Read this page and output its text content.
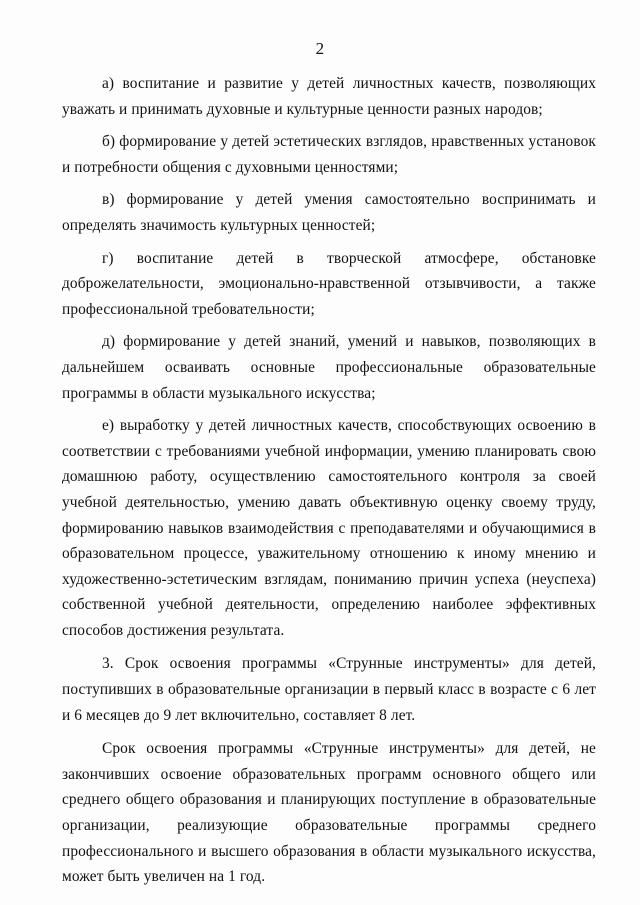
2

а) воспитание и развитие у детей личностных качеств, позволяющих уважать и принимать духовные и культурные ценности разных народов;

б) формирование у детей эстетических взглядов, нравственных установок и потребности общения с духовными ценностями;

в) формирование у детей умения самостоятельно воспринимать и определять значимость культурных ценностей;

г) воспитание детей в творческой атмосфере, обстановке доброжелательности, эмоционально-нравственной отзывчивости, а также профессиональной требовательности;

д) формирование у детей знаний, умений и навыков, позволяющих в дальнейшем осваивать основные профессиональные образовательные программы в области музыкального искусства;

е) выработку у детей личностных качеств, способствующих освоению в соответствии с требованиями учебной информации, умению планировать свою домашнюю работу, осуществлению самостоятельного контроля за своей учебной деятельностью, умению давать объективную оценку своему труду, формированию навыков взаимодействия с преподавателями и обучающимися в образовательном процессе, уважительному отношению к иному мнению и художественно-эстетическим взглядам, пониманию причин успеха (неуспеха) собственной учебной деятельности, определению наиболее эффективных способов достижения результата.

3. Срок освоения программы «Струнные инструменты» для детей, поступивших в образовательные организации в первый класс в возрасте с 6 лет и 6 месяцев до 9 лет включительно, составляет 8 лет.

Срок освоения программы «Струнные инструменты» для детей, не закончивших освоение образовательных программ основного общего или среднего общего образования и планирующих поступление в образовательные организации, реализующие образовательные программы среднего профессионального и высшего образования в области музыкального искусства, может быть увеличен на 1 год.
